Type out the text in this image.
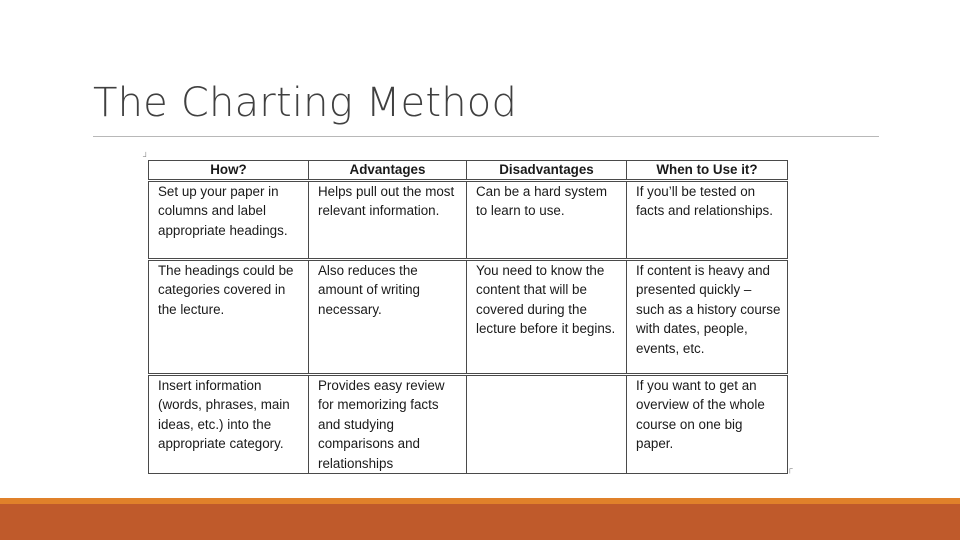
The Charting Method
┘
How?	Advantages	Disadvantages	When to Use it?
Set up your paper in columns and label appropriate headings.	Helps pull out the most relevant information.	Can be a hard system to learn to use.	If you’ll be tested on facts and relationships.
The headings could be categories covered in the lecture.	Also reduces the amount of writing necessary.	You need to know the content that will be covered during the lecture before it begins.	If content is heavy and presented quickly – such as a history course with dates, people, events, etc.
Insert information (words, phrases, main ideas, etc.) into the appropriate category.	Provides easy review for memorizing facts and studying comparisons and relationships		If you want to get an overview of the whole course on one big paper.
┌
